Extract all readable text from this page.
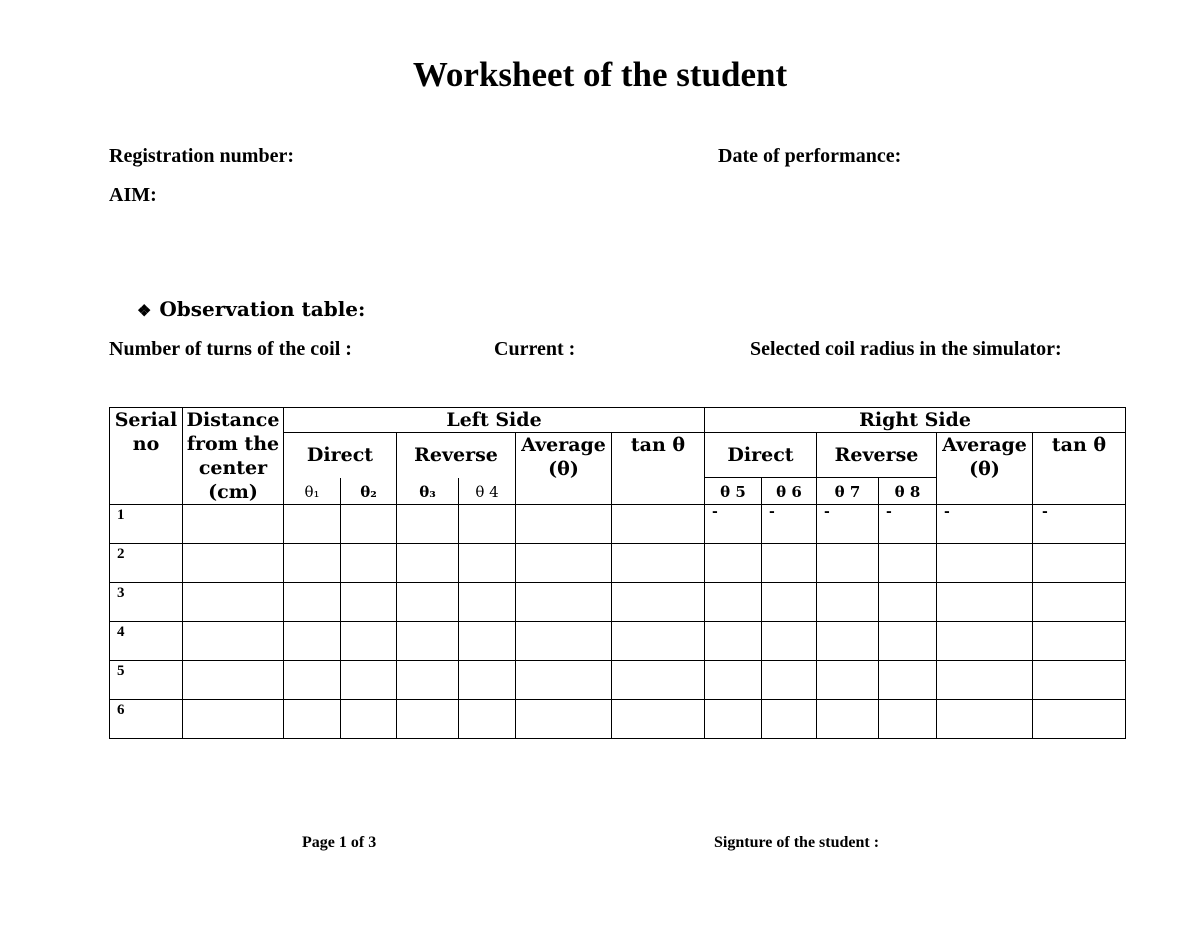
Worksheet of the student
Registration number:	Date of performance:
AIM:
❖ Observation table:
Number of turns of the coil :	Current :	Selected coil radius in the simulator:
Serial no	Distance from the center (cm)	Left Side						Right Side					
		Direct		Reverse		Average (θ)	tan θ	Direct		Reverse		Average (θ)	tan θ
		θ₁	θ₂	θ₃	θ 4			θ 5	θ 6	θ 7	θ 8		
1								-	-	-	-	-	-
2													
3													
4													
5													
6													
Page 1 of 3	Signture of the student :
